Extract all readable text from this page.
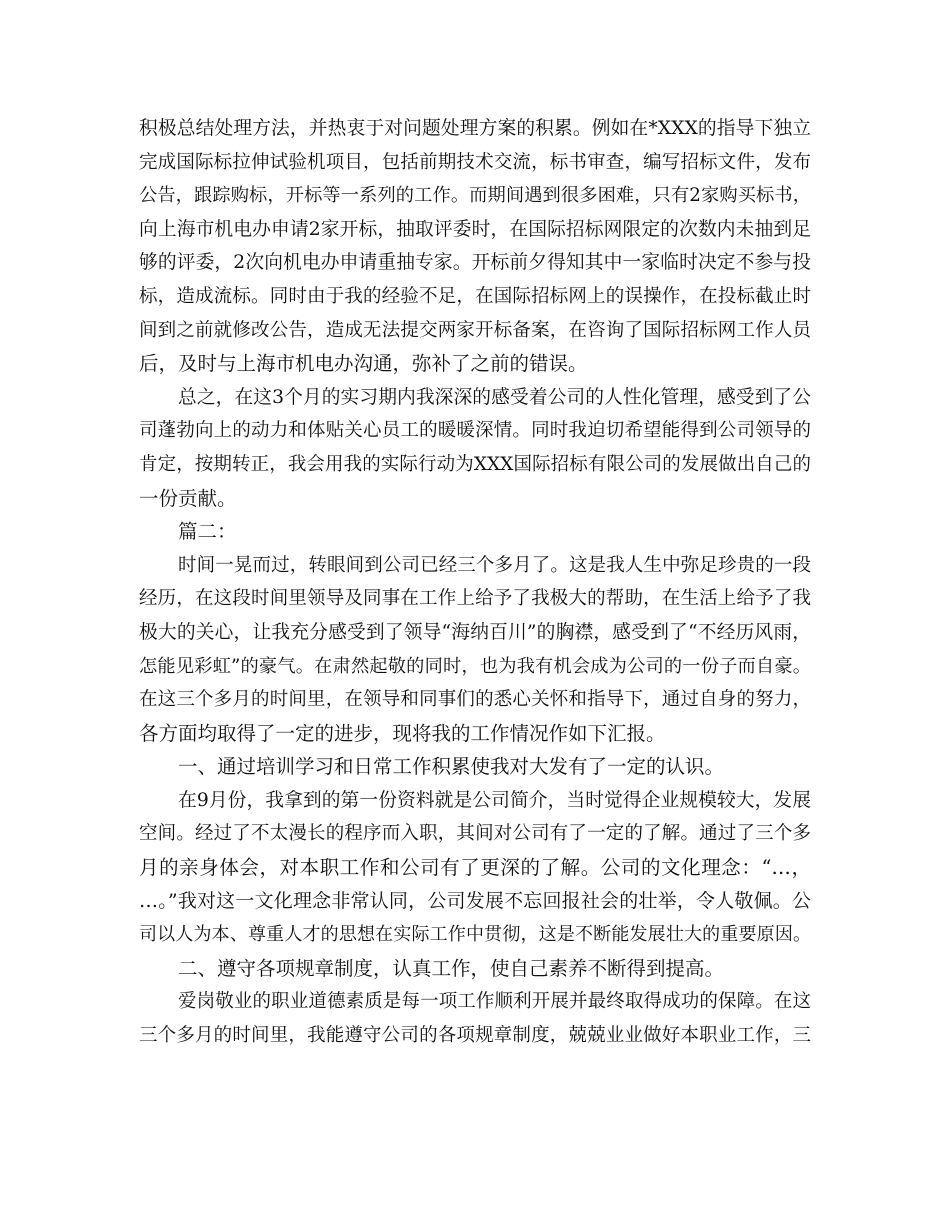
积极总结处理方法，并热衷于对问题处理方案的积累。例如在*XXX的指导下独立
完成国际标拉伸试验机项目，包括前期技术交流，标书审查，编写招标文件，发布
公告，跟踪购标，开标等一系列的工作。而期间遇到很多困难，只有2家购买标书，
向上海市机电办申请2家开标，抽取评委时，在国际招标网限定的次数内未抽到足
够的评委，2次向机电办申请重抽专家。开标前夕得知其中一家临时决定不参与投
标，造成流标。同时由于我的经验不足，在国际招标网上的误操作，在投标截止时
间到之前就修改公告，造成无法提交两家开标备案，在咨询了国际招标网工作人员
后，及时与上海市机电办沟通，弥补了之前的错误。
总之，在这3个月的实习期内我深深的感受着公司的人性化管理，感受到了公
司蓬勃向上的动力和体贴关心员工的暖暖深情。同时我迫切希望能得到公司领导的
肯定，按期转正，我会用我的实际行动为XXX国际招标有限公司的发展做出自己的
一份贡献。
篇二：
时间一晃而过，转眼间到公司已经三个多月了。这是我人生中弥足珍贵的一段
经历，在这段时间里领导及同事在工作上给予了我极大的帮助，在生活上给予了我
极大的关心，让我充分感受到了领导“海纳百川”的胸襟，感受到了“不经历风雨，
怎能见彩虹”的豪气。在肃然起敬的同时，也为我有机会成为公司的一份子而自豪。
在这三个多月的时间里，在领导和同事们的悉心关怀和指导下，通过自身的努力，
各方面均取得了一定的进步，现将我的工作情况作如下汇报。
一、通过培训学习和日常工作积累使我对大发有了一定的认识。
在9月份，我拿到的第一份资料就是公司简介，当时觉得企业规模较大，发展
空间。经过了不太漫长的程序而入职，其间对公司有了一定的了解。通过了三个多
月的亲身体会，对本职工作和公司有了更深的了解。公司的文化理念：“…，
…。”我对这一文化理念非常认同，公司发展不忘回报社会的壮举，令人敬佩。公
司以人为本、尊重人才的思想在实际工作中贯彻，这是不断能发展壮大的重要原因。
二、遵守各项规章制度，认真工作，使自己素养不断得到提高。
爱岗敬业的职业道德素质是每一项工作顺利开展并最终取得成功的保障。在这
三个多月的时间里，我能遵守公司的各项规章制度，兢兢业业做好本职业工作，三
